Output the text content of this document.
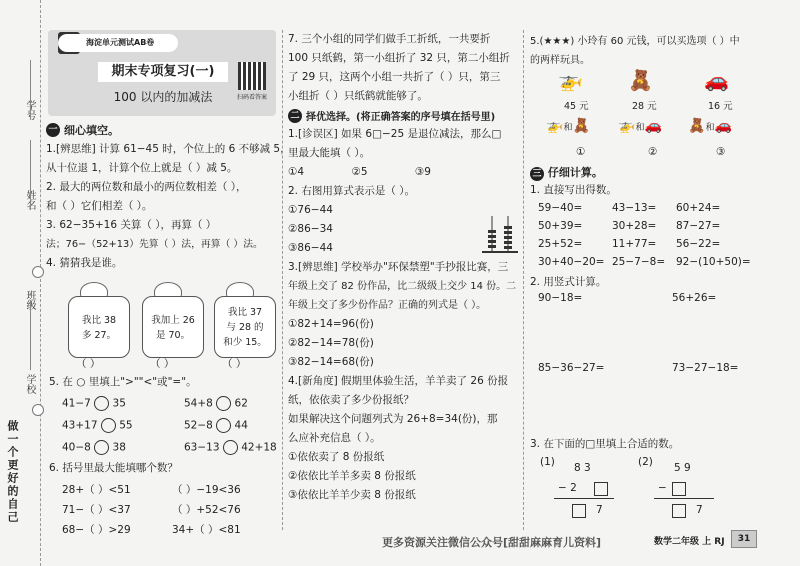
学号
姓名
班级
学校
做一个更好的自己
海淀单元测试AB卷
期末专项复习(一)
100 以内的加减法	扫码看答案
一 细心填空。
1.[辨思维] 计算 61−45 时，个位上的 6 不够减 5，
从十位退 1，计算个位上就是（ ）减 5。
2. 最大的两位数和最小的两位数相差（ ），
和（ ）它们相差（ ）。
3. 62−35+16 关算（ ），再算（ ）
法；76−（52+13）先算（ ）法，再算（ ）法。
4. 猜猜我是谁。
我比 38
多 27。
（ ）
我加上 26
是 70。
（ ）
我比 37
与 28 的
和少 15。
（ ）
5. 在 ○ 里填上">""<"或"="。
41−7 35	54+8 62
43+17 55	52−8 44
40−8 38	63−13 42+18
6. 括号里最大能填哪个数？
28+（ ）<51	（ ）−19<36
71−（ ）<37	（ ）+52<76
68−（ ）>29	34+（ ）<81
7. 三个小组的同学们做手工折纸，一共要折
100 只纸鹤，第一小组折了 32 只，第二小组折
了 29 只，这两个小组一共折了（ ）只，第三
小组折（ ）只纸鹤就能够了。
二 择优选择。(将正确答案的序号填在括号里)
1.[诊误区] 如果 6□−25 是退位减法，那么□
里最大能填（ ）。
①4	②5	③9
2. 右图用算式表示是（ ）。
①76−44
②86−34
③86−44
3.[辨思维] 学校举办"环保禁塑"手抄报比赛，三
年级上交了 82 份作品，比二级级上交少 14 份。二
年级上交了多少份作品？正确的列式是（ ）。
①82+14=96(份)
②82−14=78(份)
③82−14=68(份)
4.[新角度] 假期里体验生活，羊羊卖了 26 份报
纸，依依卖了多少份报纸？
如果解决这个问题列式为 26+8=34(份)，那
么应补充信息（ ）。
①依依卖了 8 份报纸
②依依比羊羊多卖 8 份报纸
③依依比羊羊少卖 8 份报纸
5.(★★★) 小玲有 60 元钱，可以买选项（ ）中
的两样玩具。
🚁
45 元
🧸
28 元
🚗
16 元
🚁和🧸 🚁和🚗 🧸和🚗
①	②	③
三 仔细计算。
1. 直接写出得数。
59−40=	43−13= 60+24=
50+39=	30+28= 87−27=
25+52=	11+77= 56−22=
30+40−20= 25−7−8= 92−(10+50)=
2. 用竖式计算。
90−18=	56+26=
85−36−27=	73−27−18=
3. 在下面的□里填上合适的数。
(1) 8 3
− 2
7
(2) 5 9
−
7
更多资源关注微信公众号[甜甜麻麻育儿资料]	数学二年级 上 RJ	31
